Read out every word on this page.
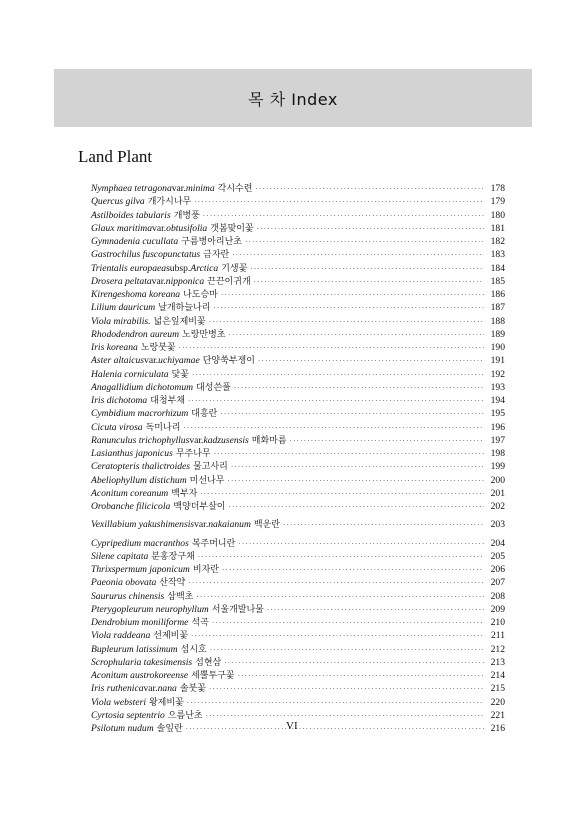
목 차 Index
Land Plant
Nymphaea tetragona var. minima 각시수련 ·····	178
Quercus gilva 개가시나무 ·····	179
Astilboides tabularis 개병풍 ·····	180
Glaux maritima var. obtusifolia 갯봄맞이꽃 ·····	181
Gymnadenia cucullata 구름병아리난초 ·····	182
Gastrochilus fuscopunctatus 금자란 ·····	183
Trientalis europaea subsp. Arctica 기생꽃 ·····	184
Drosera peltata var. nipponica 끈끈이귀개 ·····	185
Kirengeshoma koreana 나도승마 ·····	186
Lilium dauricum 날개하늘나리 ·····	187
Viola mirabilis. 넓은잎제비꽃 ·····	188
Rhododendron aureum 노랑만병초 ·····	189
Iris koreana 노랑붓꽃 ·····	190
Aster altaicus var. uchiyamae 단양쑥부쟁이 ·····	191
Halenia corniculata 닻꽃 ·····	192
Anagallidium dichotomum 대성쓴풀 ·····	193
Iris dichotoma 대청부채 ·····	194
Cymbidium macrorhizum 대흥란 ·····	195
Cicuta virosa 독미나리 ·····	196
Ranunculus trichophyllus var. kadzusensis 매화마름 ·····	197
Lasianthus japonicus 무주나무 ·····	198
Ceratopteris thalictroides 물고사리 ·····	199
Abeliophyllum distichum 미선나무 ·····	200
Aconitum coreanum 백부자 ·····	201
Orobanche filicicola 백양더부살이 ·····	202
Vexillabium yakushimensis var. nakaianum 백운란 ·····	203
Cypripedium macranthos 복주머니란 ·····	204
Silene capitata 분홍장구채 ·····	205
Thrixspermum japonicum 비자란 ·····	206
Paeonia obovata 산작약 ·····	207
Saururus chinensis 삼백초 ·····	208
Pterygopleurum neurophyllum 서울개발나물 ·····	209
Dendrobium moniliforme 석곡 ·····	210
Viola raddeana 선제비꽃 ·····	211
Bupleurum latissimum 섬시호 ·····	212
Scrophularia takesimensis 섬현삼 ·····	213
Aconitum austrokoreense 세뿔투구꽃 ·····	214
Iris ruthenica var. nana 솔붓꽃 ·····	215
Viola websteri 왕제비꽃 ·····	220
Cyrtosia septentrio 으름난초 ·····	221
Psilotum nudum 솔잎란 ·····	216
VI
